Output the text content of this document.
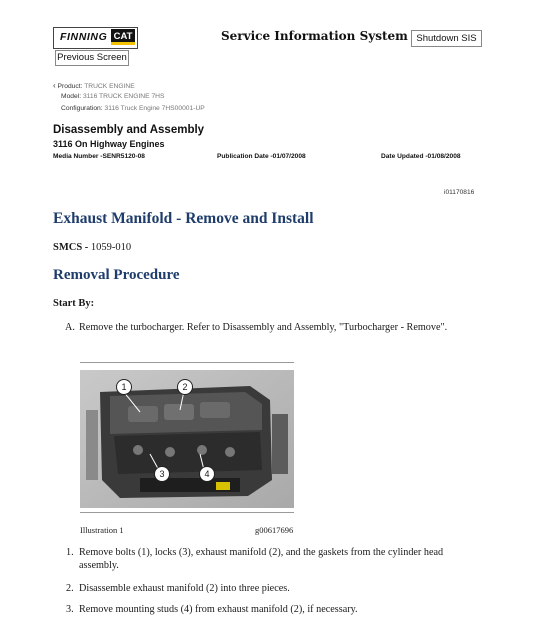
FINNING CAT	Service Information System Shutdown SIS
Previous Screen
‹ Product: TRUCK ENGINE
Model: 3116 TRUCK ENGINE 7HS
Configuration: 3116 Truck Engine 7HS00001-UP
Disassembly and Assembly
3116 On Highway Engines
Media Number -SENR5120-08	Publication Date -01/07/2008	Date Updated -01/08/2008
i01170816
Exhaust Manifold - Remove and Install
SMCS - 1059-010
Removal Procedure
Start By:
A. Remove the turbocharger. Refer to Disassembly and Assembly, "Turbocharger - Remove".
1	2
3	4
Illustration 1	g00617696
1. Remove bolts (1), locks (3), exhaust manifold (2), and the gaskets from the cylinder head assembly.
2. Disassemble exhaust manifold (2) into three pieces.
3. Remove mounting studs (4) from exhaust manifold (2), if necessary.
